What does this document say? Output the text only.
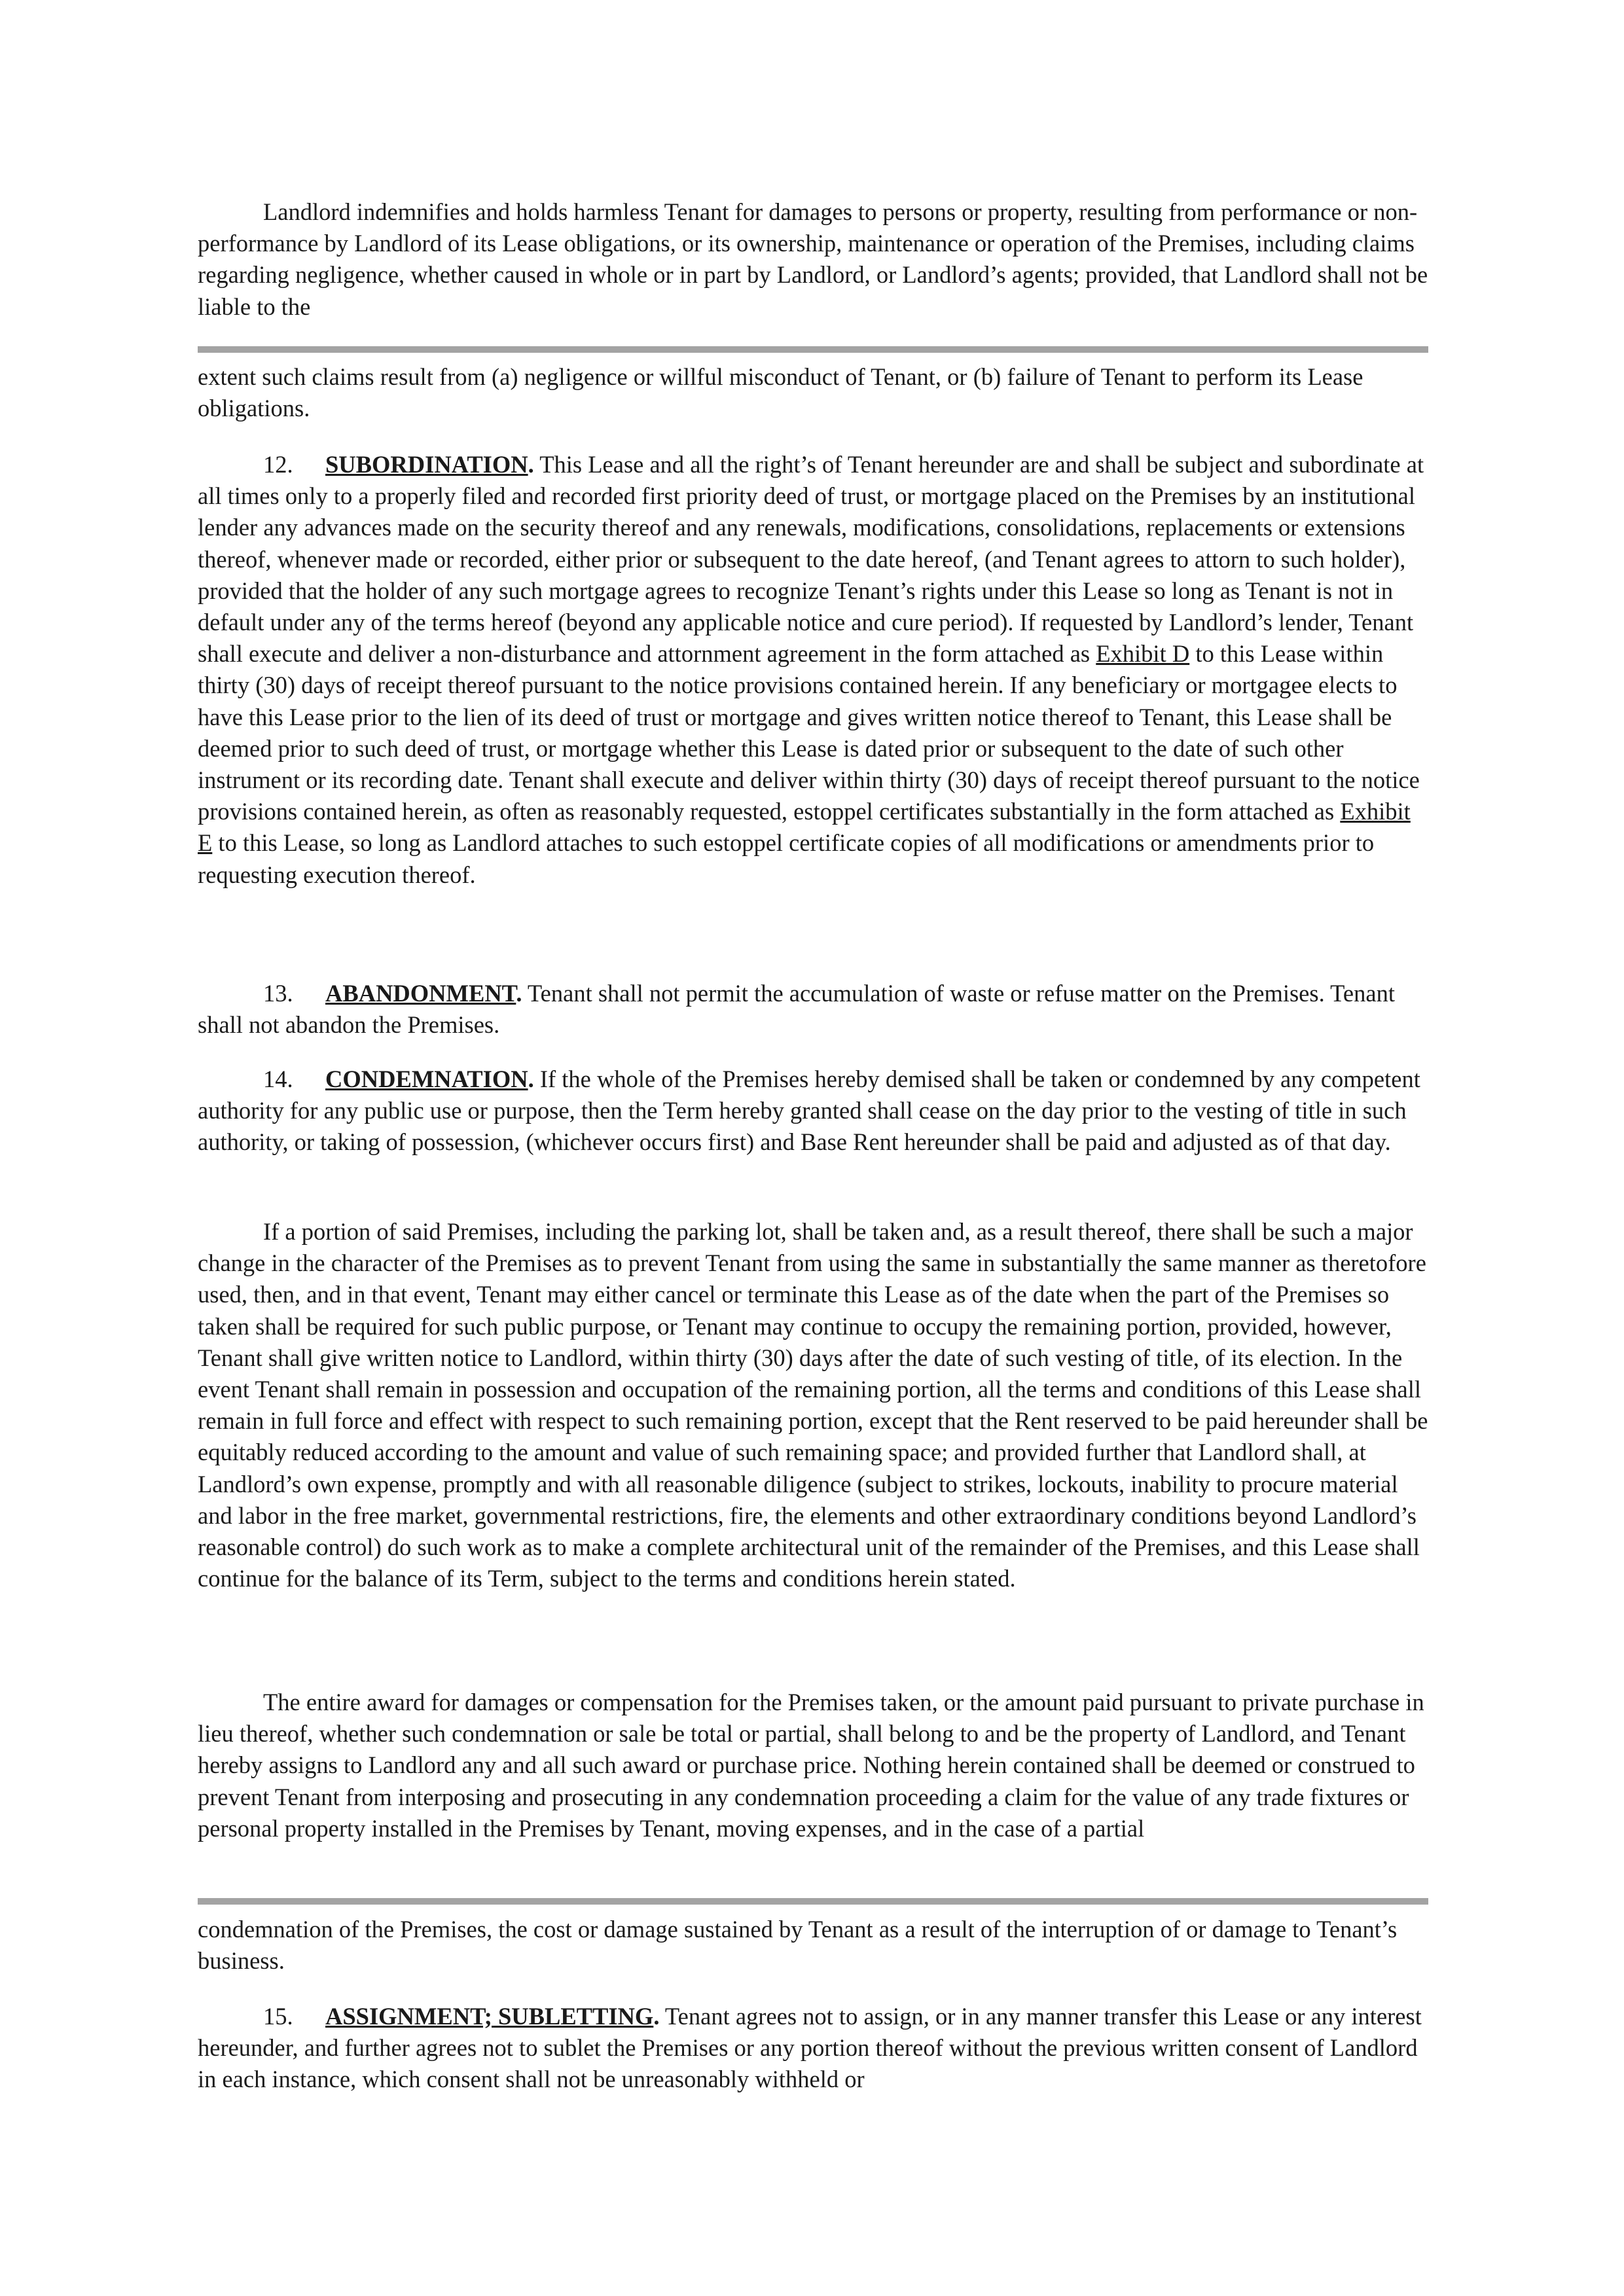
Landlord indemnifies and holds harmless Tenant for damages to persons or property, resulting from performance or non-performance by Landlord of its Lease obligations, or its ownership, maintenance or operation of the Premises, including claims regarding negligence, whether caused in whole or in part by Landlord, or Landlord’s agents; provided, that Landlord shall not be liable to the

extent such claims result from (a) negligence or willful misconduct of Tenant, or (b) failure of Tenant to perform its Lease obligations.

12. SUBORDINATION. This Lease and all the right’s of Tenant hereunder are and shall be subject and subordinate at all times only to a properly filed and recorded first priority deed of trust, or mortgage placed on the Premises by an institutional lender any advances made on the security thereof and any renewals, modifications, consolidations, replacements or extensions thereof, whenever made or recorded, either prior or subsequent to the date hereof, (and Tenant agrees to attorn to such holder), provided that the holder of any such mortgage agrees to recognize Tenant’s rights under this Lease so long as Tenant is not in default under any of the terms hereof (beyond any applicable notice and cure period). If requested by Landlord’s lender, Tenant shall execute and deliver a non-disturbance and attornment agreement in the form attached as Exhibit D to this Lease within thirty (30) days of receipt thereof pursuant to the notice provisions contained herein. If any beneficiary or mortgagee elects to have this Lease prior to the lien of its deed of trust or mortgage and gives written notice thereof to Tenant, this Lease shall be deemed prior to such deed of trust, or mortgage whether this Lease is dated prior or subsequent to the date of such other instrument or its recording date. Tenant shall execute and deliver within thirty (30) days of receipt thereof pursuant to the notice provisions contained herein, as often as reasonably requested, estoppel certificates substantially in the form attached as Exhibit E to this Lease, so long as Landlord attaches to such estoppel certificate copies of all modifications or amendments prior to requesting execution thereof.

13. ABANDONMENT. Tenant shall not permit the accumulation of waste or refuse matter on the Premises. Tenant shall not abandon the Premises.

14. CONDEMNATION. If the whole of the Premises hereby demised shall be taken or condemned by any competent authority for any public use or purpose, then the Term hereby granted shall cease on the day prior to the vesting of title in such authority, or taking of possession, (whichever occurs first) and Base Rent hereunder shall be paid and adjusted as of that day.

If a portion of said Premises, including the parking lot, shall be taken and, as a result thereof, there shall be such a major change in the character of the Premises as to prevent Tenant from using the same in substantially the same manner as theretofore used, then, and in that event, Tenant may either cancel or terminate this Lease as of the date when the part of the Premises so taken shall be required for such public purpose, or Tenant may continue to occupy the remaining portion, provided, however, Tenant shall give written notice to Landlord, within thirty (30) days after the date of such vesting of title, of its election. In the event Tenant shall remain in possession and occupation of the remaining portion, all the terms and conditions of this Lease shall remain in full force and effect with respect to such remaining portion, except that the Rent reserved to be paid hereunder shall be equitably reduced according to the amount and value of such remaining space; and provided further that Landlord shall, at Landlord’s own expense, promptly and with all reasonable diligence (subject to strikes, lockouts, inability to procure material and labor in the free market, governmental restrictions, fire, the elements and other extraordinary conditions beyond Landlord’s reasonable control) do such work as to make a complete architectural unit of the remainder of the Premises, and this Lease shall continue for the balance of its Term, subject to the terms and conditions herein stated.

The entire award for damages or compensation for the Premises taken, or the amount paid pursuant to private purchase in lieu thereof, whether such condemnation or sale be total or partial, shall belong to and be the property of Landlord, and Tenant hereby assigns to Landlord any and all such award or purchase price. Nothing herein contained shall be deemed or construed to prevent Tenant from interposing and prosecuting in any condemnation proceeding a claim for the value of any trade fixtures or personal property installed in the Premises by Tenant, moving expenses, and in the case of a partial

condemnation of the Premises, the cost or damage sustained by Tenant as a result of the interruption of or damage to Tenant’s business.

15. ASSIGNMENT; SUBLETTING. Tenant agrees not to assign, or in any manner transfer this Lease or any interest hereunder, and further agrees not to sublet the Premises or any portion thereof without the previous written consent of Landlord in each instance, which consent shall not be unreasonably withheld or
